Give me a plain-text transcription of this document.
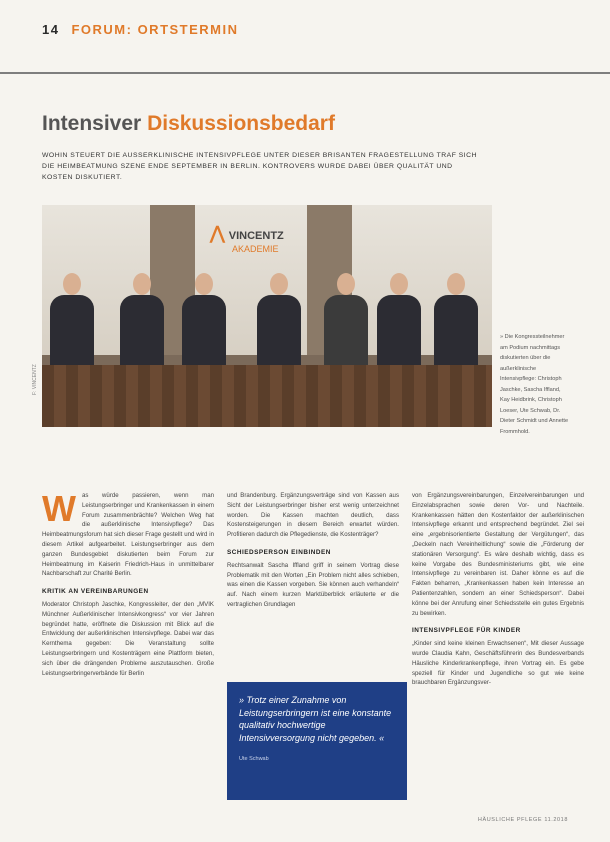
14 FORUM: ORTSTERMIN
Intensiver Diskussionsbedarf
WOHIN STEUERT DIE AUSSERKLINISCHE INTENSIVPFLEGE UNTER DIESER BRISANTEN FRAGESTELLUNG TRAF SICH DIE HEIMBEATMUNG SZENE ENDE SEPTEMBER IN BERLIN. KONTROVERS WURDE DABEI ÜBER QUALITÄT UND KOSTEN DISKUTIERT.
⋀ VINCENTZ
AKADEMIE
F: VINCENTZ
» Die Kongressteilnehmer am Podium nachmittags diskutierten über die außerklinische Intensivpflege: Christoph Jaschke, Sascha Iffland, Kay Heidbrink, Christoph Loeser, Ute Schwab, Dr. Dieter Schmidt und Annette Frommhold.

Was würde passieren, wenn man Leistungserbringer und Krankenkassen in einem Forum zusammenbrächte? Welchen Weg hat die außerklinische Intensivpflege? Das Heimbeatmungsforum hat sich dieser Frage gestellt und wird in diesem Artikel aufgearbeitet. Leistungserbringer aus dem ganzen Bundesgebiet diskutierten beim Forum zur Heimbeatmung im Kaiserin Friedrich-Haus in unmittelbarer Nachbarschaft zur Charité Berlin.

KRITIK AN VEREINBARUNGEN

Moderator Christoph Jaschke, Kongressleiter, der den „MVIK Münchner Außerklinischer Intensivkongress“ vor vier Jahren begründet hatte, eröffnete die Diskussion mit Blick auf die Entwicklung der außerklinischen Intensivpflege. Dabei war das Kernthema gegeben: Die Veranstaltung sollte Leistungserbringern und Kostenträgern eine Plattform bieten, sich über die drängenden Probleme auszutauschen. Große Leistungserbringerverbände für Berlin

und Brandenburg. Ergänzungsverträge sind von Kassen aus Sicht der Leistungserbringer bisher erst wenig unterzeichnet worden. Die Kassen machten deutlich, dass Kostensteigerungen in diesem Bereich erwartet würden. Profitieren dadurch die Pflegedienste, die Kostenträger?

SCHIEDSPERSON EINBINDEN

Rechtsanwalt Sascha Iffland griff in seinem Vortrag diese Problematik mit den Worten „Ein Problem nicht alles schieben, was einen die Kassen vorgeben. Sie können auch verhandeln“ auf. Nach einem kurzen Marktüberblick erläuterte er die vertraglichen Grundlagen

» Trotz einer Zunahme von Leistungserbringern ist eine konstante qualitativ hochwertige Intensivversorgung nicht gegeben. «
Ute Schwab

von Ergänzungsvereinbarungen, Einzelvereinbarungen und Einzelabsprachen sowie deren Vor- und Nachteile. Krankenkassen hätten den Kostenfaktor der außerklinischen Intensivpflege erkannt und entsprechend begründet. Ziel sei eine „ergebnisorientierte Gestaltung der Vergütungen“, das „Deckeln nach Vereinheitlichung“ sowie die „Förderung der stationären Versorgung“. Es wäre deshalb wichtig, dass es keine Vorgabe des Bundesministeriums gibt, wie eine Intensivpflege zu vereinbaren ist. Daher könne es auf die Fakten beharren, „Krankenkassen haben kein Interesse an Patientenzahlen, sondern an einer Schiedsperson“. Dabei könne bei der Anrufung einer Schiedsstelle ein gutes Ergebnis zu bewirken.

INTENSIVPFLEGE FÜR KINDER

„Kinder sind keine kleinen Erwachsenen“, Mit dieser Aussage wurde Claudia Kahn, Geschäftsführerin des Bundesverbands Häusliche Kinderkrankenpflege, ihren Vortrag ein. Es gebe speziell für Kinder und Jugendliche so gut wie keine brauchbaren Ergänzungsver-

HÄUSLICHE PFLEGE 11.2018
